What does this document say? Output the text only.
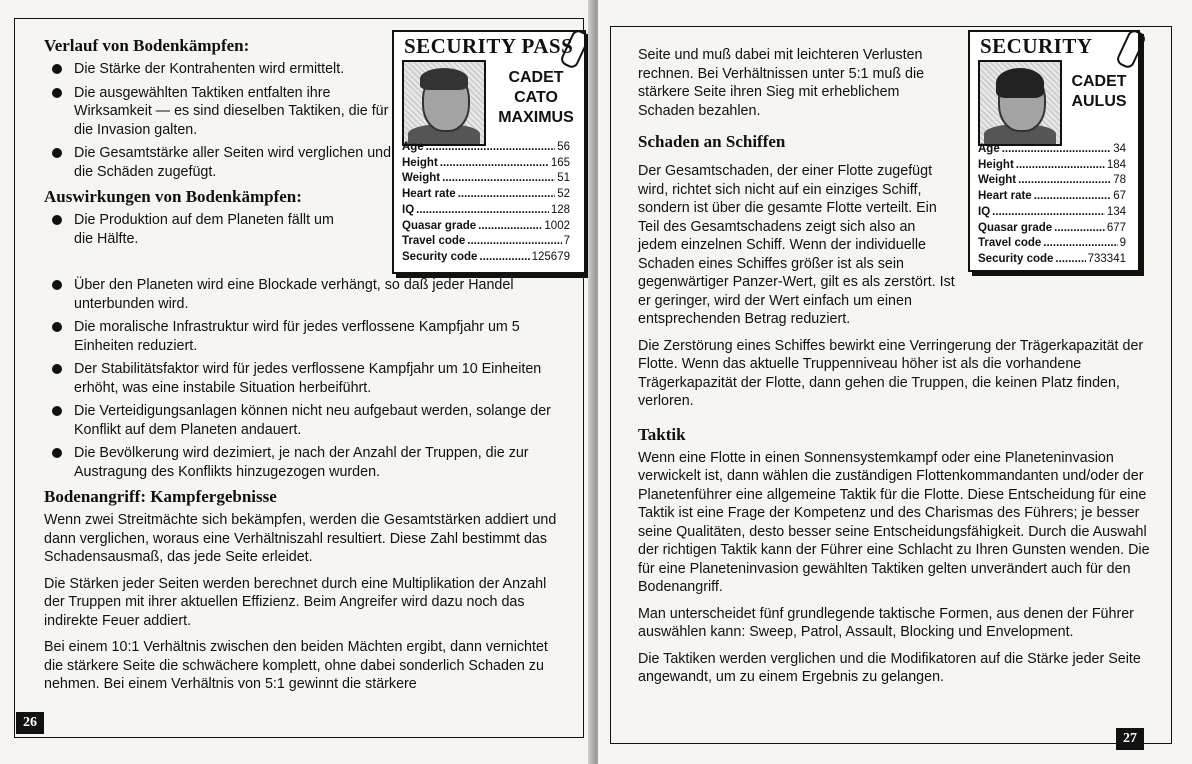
Verlauf von Bodenkämpfen:
Die Stärke der Kontrahenten wird ermittelt.
Die ausgewählten Taktiken entfalten ihre Wirksamkeit — es sind dieselben Taktiken, die für die Invasion galten.
Die Gesamtstärke aller Seiten wird verglichen und die Schäden zugefügt.
Auswirkungen von Bodenkämpfen:
Die Produktion auf dem Planeten fällt um die Hälfte.
Über den Planeten wird eine Blockade verhängt, so daß jeder Handel unterbunden wird.
Die moralische Infrastruktur wird für jedes verflossene Kampfjahr um 5 Einheiten reduziert.
Der Stabilitätsfaktor wird für jedes verflossene Kampfjahr um 10 Einheiten erhöht, was eine instabile Situation herbeiführt.
Die Verteidigungsanlagen können nicht neu aufgebaut werden, solange der Konflikt auf dem Planeten andauert.
Die Bevölkerung wird dezimiert, je nach der Anzahl der Truppen, die zur Austragung des Konflikts hinzugezogen wurden.
Bodenangriff: Kampfergebnisse

Wenn zwei Streitmächte sich bekämpfen, werden die Gesamtstärken addiert und dann verglichen, woraus eine Verhältniszahl resultiert. Diese Zahl bestimmt das Schadensausmaß, das jede Seite erleidet.

Die Stärken jeder Seiten werden berechnet durch eine Multiplikation der Anzahl der Truppen mit ihrer aktuellen Effizienz. Beim Angreifer wird dazu noch das indirekte Feuer addiert.

Bei einem 10:1 Verhältnis zwischen den beiden Mächten ergibt, dann vernichtet die stärkere Seite die schwächere komplett, ohne dabei sonderlich Schaden zu nehmen. Bei einem Verhältnis von 5:1 gewinnt die stärkere

26
SECURITY PASS
CADET
CATO
MAXIMUS
Age .....	56
Height .....	165
Weight .....	51
Heart rate .....	52
IQ .....	128
Quasar grade .....	1002
Travel code .....	7
Security code .....	125679

Seite und muß dabei mit leichteren Verlusten rechnen. Bei Verhältnissen unter 5:1 muß die stärkere Seite ihren Sieg mit erheblichem Schaden bezahlen.

Schaden an Schiffen

Der Gesamtschaden, der einer Flotte zugefügt wird, richtet sich nicht auf ein einziges Schiff, sondern ist über die gesamte Flotte verteilt. Ein Teil des Gesamtschadens zeigt sich also an jedem einzelnen Schiff. Wenn der individuelle Schaden eines Schiffes größer ist als sein gegenwärtiger Panzer-Wert, gilt es als zerstört. Ist er geringer, wird der Wert einfach um einen entsprechenden Betrag reduziert.

Die Zerstörung eines Schiffes bewirkt eine Verringerung der Trägerkapazität der Flotte. Wenn das aktuelle Truppenniveau höher ist als die vorhandene Trägerkapazität der Flotte, dann gehen die Truppen, die keinen Platz finden, verloren.

Taktik

Wenn eine Flotte in einen Sonnensystemkampf oder eine Planeteninvasion verwickelt ist, dann wählen die zuständigen Flottenkommandanten und/oder der Planetenführer eine allgemeine Taktik für die Flotte. Diese Entscheidung für eine Taktik ist eine Frage der Kompetenz und des Charismas des Führers; je besser seine Qualitäten, desto besser seine Entscheidungsfähigkeit. Durch die Auswahl der richtigen Taktik kann der Führer eine Schlacht zu Ihren Gunsten wenden. Die für eine Planeteninvasion gewählten Taktiken gelten unverändert auch für den Bodenangriff.

Man unterscheidet fünf grundlegende taktische Formen, aus denen der Führer auswählen kann: Sweep, Patrol, Assault, Blocking und Envelopment.

Die Taktiken werden verglichen und die Modifikatoren auf die Stärke jeder Seite angewandt, um zu einem Ergebnis zu gelangen.

27
SECURITY
CADET
AULUS
Age .....	34
Height .....	184
Weight .....	78
Heart rate .....	67
IQ .....	134
Quasar grade .....	677
Travel code .....	9
Security code .....	733341
